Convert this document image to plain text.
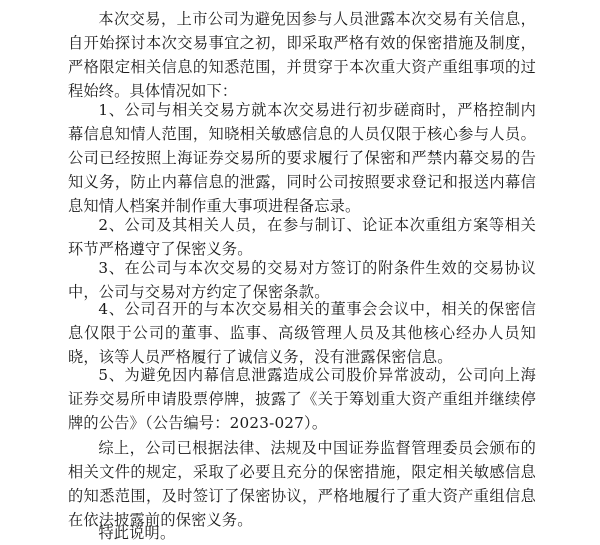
本次交易，上市公司为避免因参与人员泄露本次交易有关信息，自开始探讨本次交易事宜之初，即采取严格有效的保密措施及制度，严格限定相关信息的知悉范围，并贯穿于本次重大资产重组事项的过程始终。具体情况如下：

1、公司与相关交易方就本次交易进行初步磋商时，严格控制内幕信息知情人范围，知晓相关敏感信息的人员仅限于核心参与人员。公司已经按照上海证券交易所的要求履行了保密和严禁内幕交易的告知义务，防止内幕信息的泄露，同时公司按照要求登记和报送内幕信息知情人档案并制作重大事项进程备忘录。

2、公司及其相关人员，在参与制订、论证本次重组方案等相关环节严格遵守了保密义务。

3、在公司与本次交易的交易对方签订的附条件生效的交易协议中，公司与交易对方约定了保密条款。

4、公司召开的与本次交易相关的董事会会议中，相关的保密信息仅限于公司的董事、监事、高级管理人员及其他核心经办人员知晓，该等人员严格履行了诚信义务，没有泄露保密信息。

5、为避免因内幕信息泄露造成公司股价异常波动，公司向上海证券交易所申请股票停牌，披露了《关于筹划重大资产重组并继续停牌的公告》（公告编号：2023-027）。

综上，公司已根据法律、法规及中国证券监督管理委员会颁布的相关文件的规定，采取了必要且充分的保密措施，限定相关敏感信息的知悉范围，及时签订了保密协议，严格地履行了重大资产重组信息在依法披露前的保密义务。

特此说明。
